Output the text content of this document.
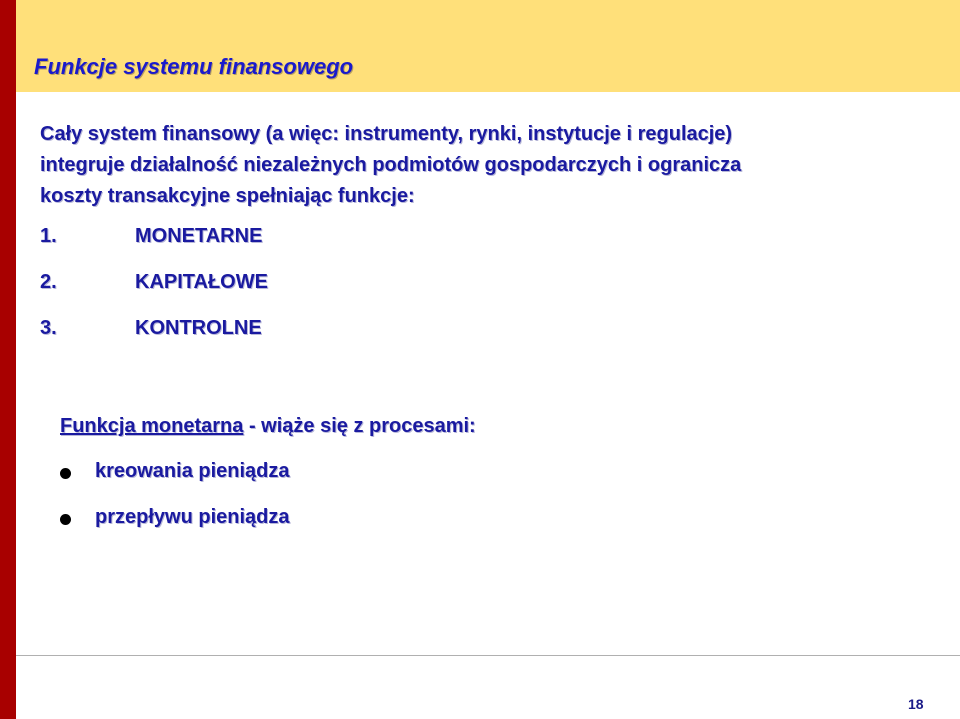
Funkcje systemu finansowego

Cały system finansowy (a więc: instrumenty, rynki, instytucje i regulacje)

integruje działalność niezależnych podmiotów gospodarczych i ogranicza

koszty transakcyjne spełniając funkcje:

1.	MONETARNE
2.	KAPITAŁOWE
3.	KONTROLNE
Funkcja monetarna - wiąże się z procesami:
kreowania pieniądza
przepływu pieniądza
18
